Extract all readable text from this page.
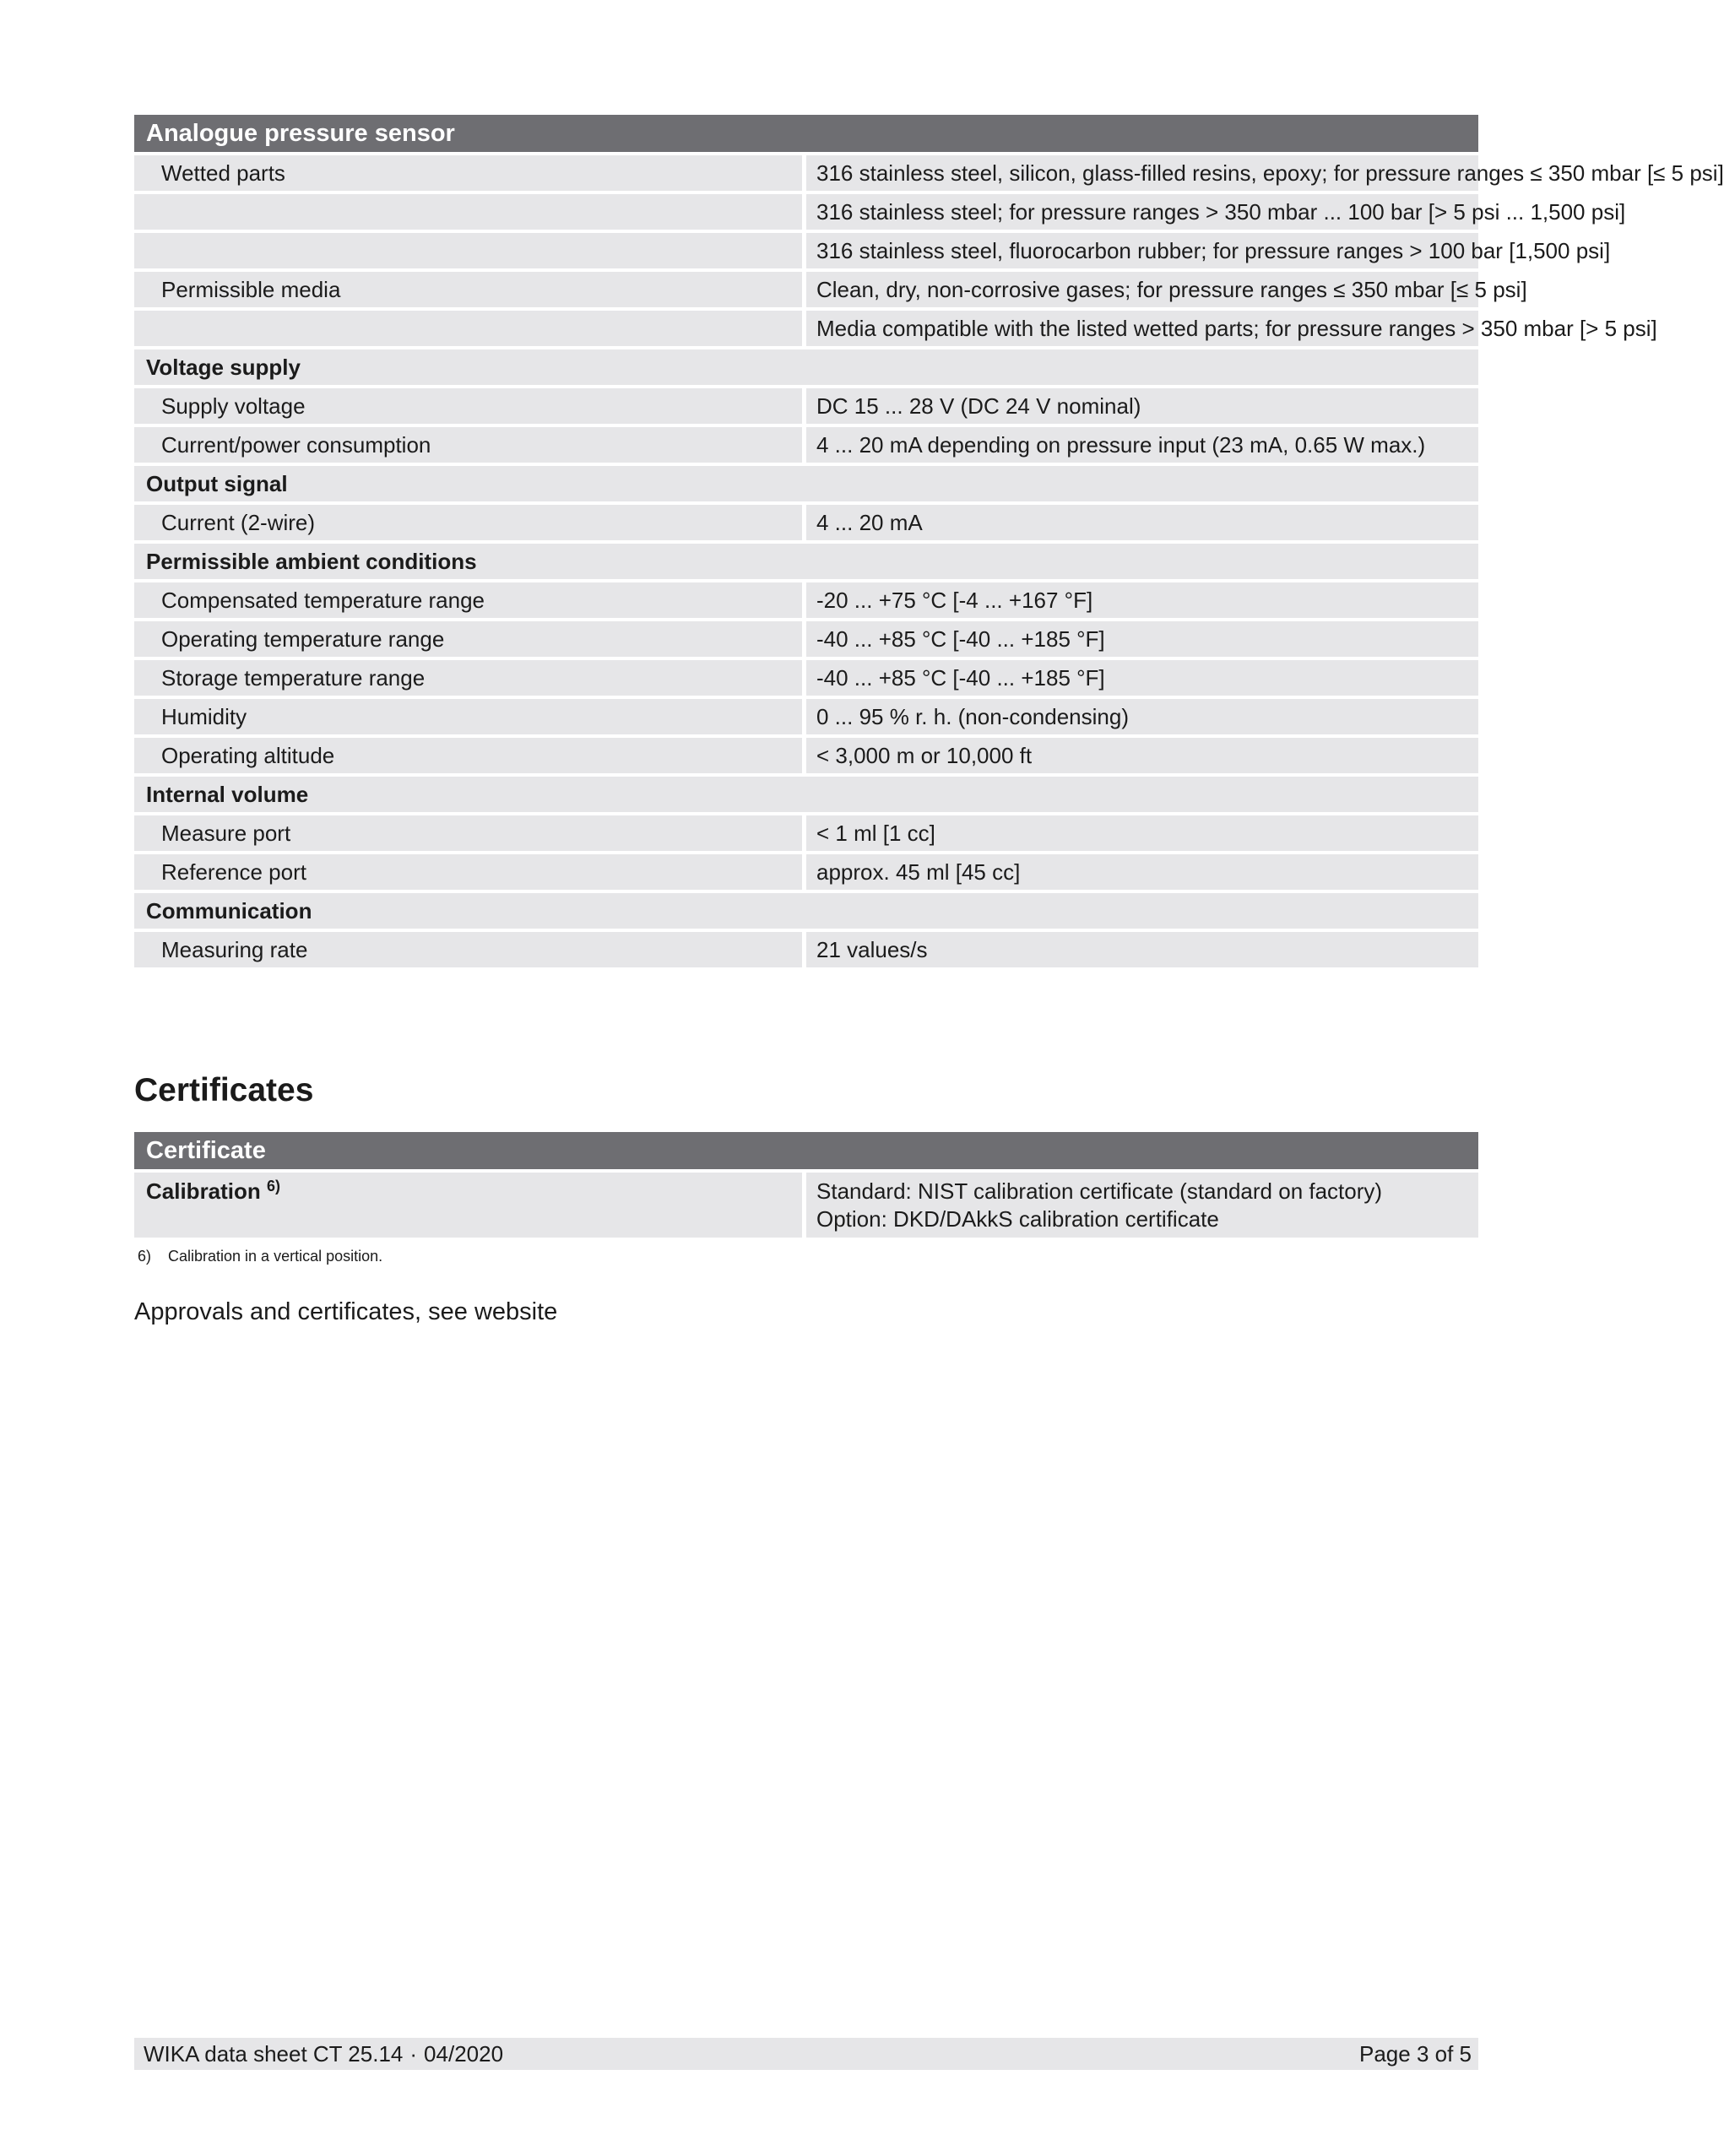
Analogue pressure sensor	
Wetted parts	316 stainless steel, silicon, glass-filled resins, epoxy; for pressure ranges ≤ 350 mbar [≤ 5 psi]
	316 stainless steel; for pressure ranges > 350 mbar ... 100 bar [> 5 psi ... 1,500 psi]
	316 stainless steel, fluorocarbon rubber; for pressure ranges > 100 bar [1,500 psi]
Permissible media	Clean, dry, non-corrosive gases; for pressure ranges ≤ 350 mbar [≤ 5 psi]
	Media compatible with the listed wetted parts; for pressure ranges > 350 mbar [> 5 psi]
Voltage supply	
Supply voltage	DC 15 ... 28 V (DC 24 V nominal)
Current/power consumption	4 ... 20 mA depending on pressure input (23 mA, 0.65 W max.)
Output signal	
Current (2-wire)	4 ... 20 mA
Permissible ambient conditions	
Compensated temperature range	-20 ... +75 °C [-4 ... +167 °F]
Operating temperature range	-40 ... +85 °C [-40 ... +185 °F]
Storage temperature range	-40 ... +85 °C [-40 ... +185 °F]
Humidity	0 ... 95 % r. h. (non-condensing)
Operating altitude	< 3,000 m or 10,000 ft
Internal volume	
Measure port	< 1 ml [1 cc]
Reference port	approx. 45 ml [45 cc]
Communication	
Measuring rate	21 values/s
Certificates
Certificate
Calibration $^{6)}$	Standard: NIST calibration certificate (standard on factory)
Option: DKD/DAkkS calibration certificate
6) Calibration in a vertical position.
Approvals and certificates, see website
WIKA data sheet CT 25.14 · 04/2020	Page 3 of 5
